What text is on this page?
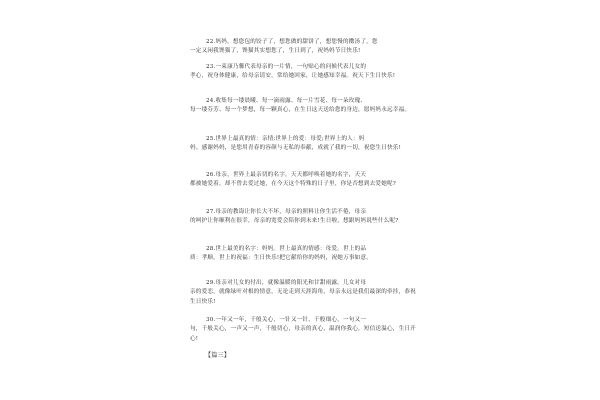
22.妈妈，想您包的饺子了，想您做的甜饼了，想您慢的擞汤了，您
一定又闲我馋猫了，馋猫其实想您了，生日到了，祝妈妈节日快乐!
23.一束康乃馨代表母亲的一片情，一句贴心的问候代表儿女的
孝心，祝身体健康，给母亲请安，常给她回家，让她感知幸福。祝天下生日快乐!
24.收集每一缕晨曦、每一滴雨露、每一片雪花、每一朵玫瑰、
每一缕芬芳、每一个梦想，每一颗真心，在生日这天送给您的身边，愿妈妈永远幸福。
25.世界上最真的情：亲情;世界上的爱：母爱;世界上的人：妈
妈。感谢妈妈，是您用青春的容颜与无私的奉献，成就了我的一切，祝您生日快乐!
26.母亲，世界上最亲切的名字，天天都呼唤着她的名字，天天
都被她爱着，却不曾去爱过她，在今天这个特殊的日子里，你是否想到去爱她呢?
27.母亲的教诲让你长大不坏，母亲的照料让你生活不倦，母亲
的呵护让你顺利在很幸，母亲的宽爱会陪你到未来!生日啦，想跟妈妈说些什么呢?
28.世上最美的名字：妈妈。世上最真的情感：母爱。世上的品
质：孝顺。世上的祝福：生日快乐!把它献给你的妈妈，祝她万事如意。
29.母亲对儿女的付出，就像温暖的阳光和甘甜雨露。儿女对母
亲的爱恋，就像绿叶对根的情意，无论走到天涯海角，母亲永远是我们最深的牵挂，恭祝生日快乐!
30.一年又一年，千般关心，一针又一针，千般细心，一句又一
句，千般关心，一声又一声，千般切心，母亲的真心，温润你我心，短信送温心，生日开心!
【篇三】
